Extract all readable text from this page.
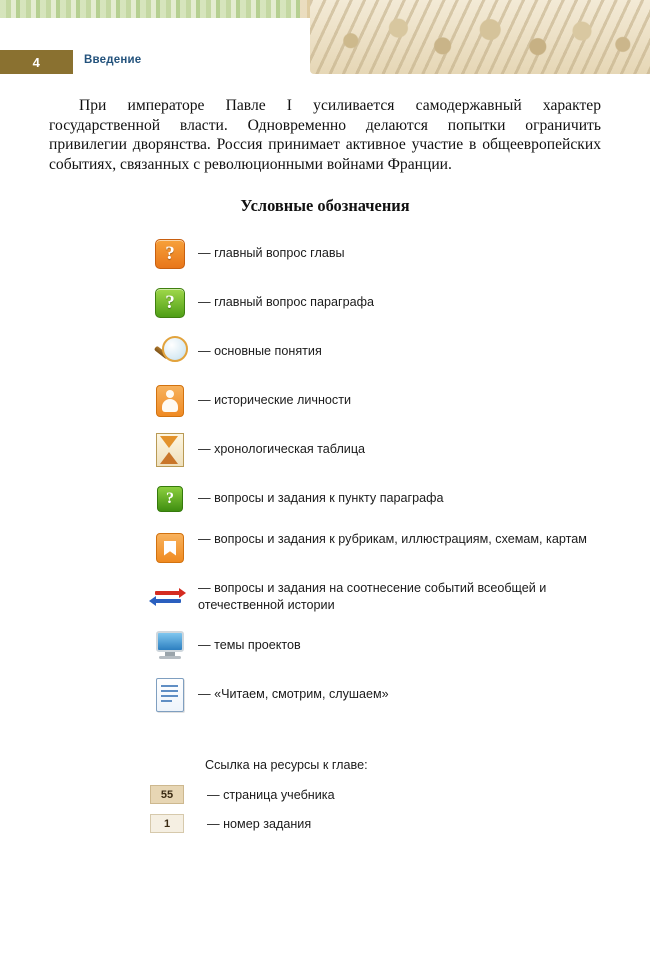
4	Введение

При императоре Павле I усиливается самодержавный характер государственной власти. Одновременно делаются попытки ограничить привилегии дворянства. Россия принимает активное участие в общеевропейских событиях, связанных с революционными войнами Франции.

Условные обозначения
?	— главный вопрос главы
?	— главный вопрос параграфа
— основные понятия
— исторические личности
— хронологическая таблица
?	— вопросы и задания к пункту параграфа
— вопросы и задания к рубрикам, иллюстрациям, схемам, картам
— вопросы и задания на соотнесение событий всеобщей и отечественной истории
— темы проектов
— «Читаем, смотрим, слушаем»
Ссылка на ресурсы к главе:
55	— страница учебника
1	— номер задания
